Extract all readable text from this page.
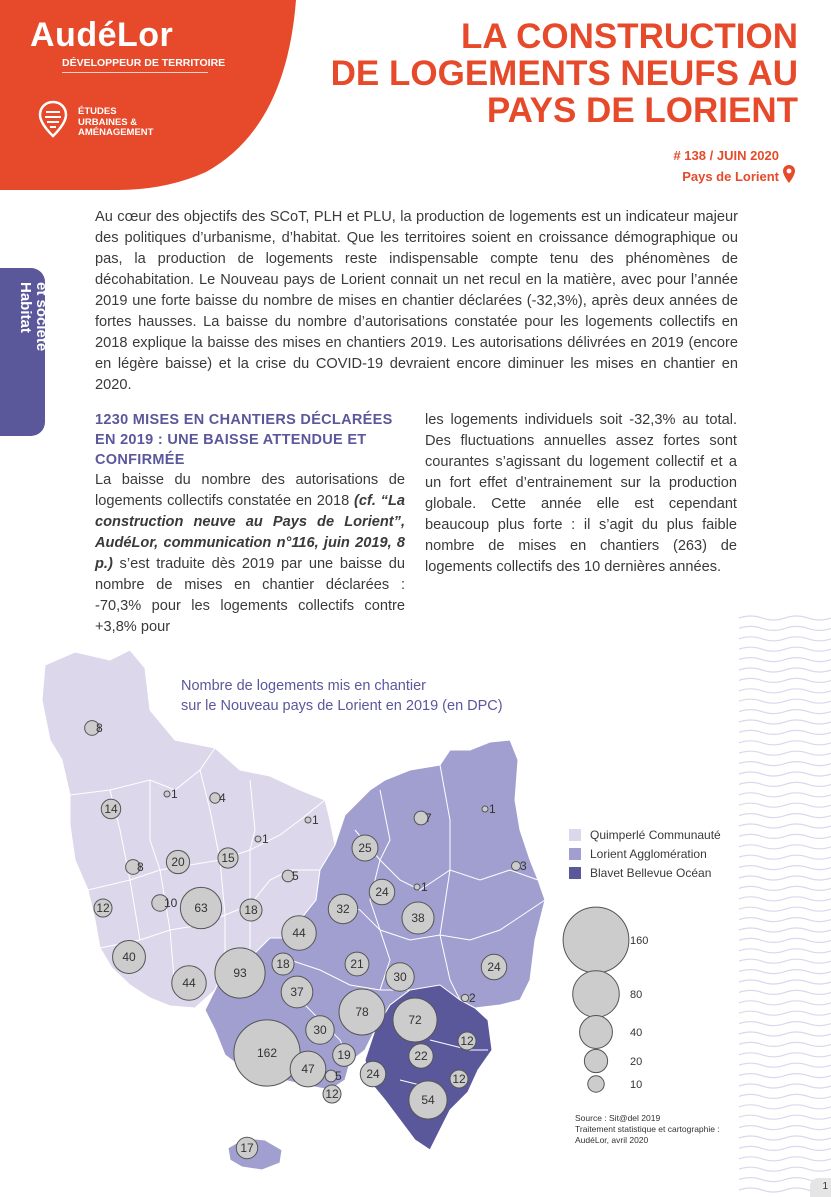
AudéLor
DÉVELOPPEUR DE TERRITOIRE
ÉTUDES
URBAINES &
AMÉNAGEMENT
LA CONSTRUCTION
DE LOGEMENTS NEUFS AU
PAYS DE LORIENT
# 138 / JUIN 2020
Pays de Lorient
Habitat et société

Au cœur des objectifs des SCoT, PLH et PLU, la production de logements est un indicateur majeur des politiques d’urbanisme, d’habitat. Que les territoires soient en croissance démographique ou pas, la production de logements reste indispensable compte tenu des phénomènes de décohabitation. Le Nouveau pays de Lorient connait un net recul en la matière, avec pour l’année 2019 une forte baisse du nombre de mises en chantier déclarées (-32,3%), après deux années de fortes hausses. La baisse du nombre d’autorisations constatée pour les logements collectifs en 2018 explique la baisse des mises en chantiers 2019. Les autorisations délivrées en 2019 (encore en légère baisse) et la crise du COVID-19 devraient encore diminuer les mises en chantier en 2020.

1230 MISES EN CHANTIERS DÉCLARÉES EN 2019 : UNE BAISSE ATTENDUE ET CONFIRMÉE

La baisse du nombre des autorisations de logements collectifs constatée en 2018 (cf. “La construction neuve au Pays de Lorient”, AudéLor, communication n°116, juin 2019, 8 p.) s’est traduite dès 2019 par une baisse du nombre de mises en chantier déclarées : -70,3% pour les logements collectifs contre +3,8% pour

les logements individuels soit -32,3% au total. Des fluctuations annuelles assez fortes sont courantes s’agissant du logement collectif et a un fort effet d’entrainement sur la production globale. Cette année elle est cependant beaucoup plus forte : il s’agit du plus faible nombre de mises en chantiers (263) de logements collectifs des 10 dernières années.

Nombre de logements mis en chantier
sur le Nouveau pays de Lorient en 2019 (en DPC)
8
1	4
14
1
1
8 20	15
5
12	10 63	18
40
44
93
44
18
37
162
30
47
19
5
12
17
7
1
3
25
24	1
32
38
21
30
24
78
72
2
12
22
24	12
54
Quimperlé Communauté
Lorient Agglomération
Blavet Bellevue Océan
160
80
40
20
10
Source : Sit@del 2019
Traitement statistique et cartographie :
AudéLor, avril 2020
1
